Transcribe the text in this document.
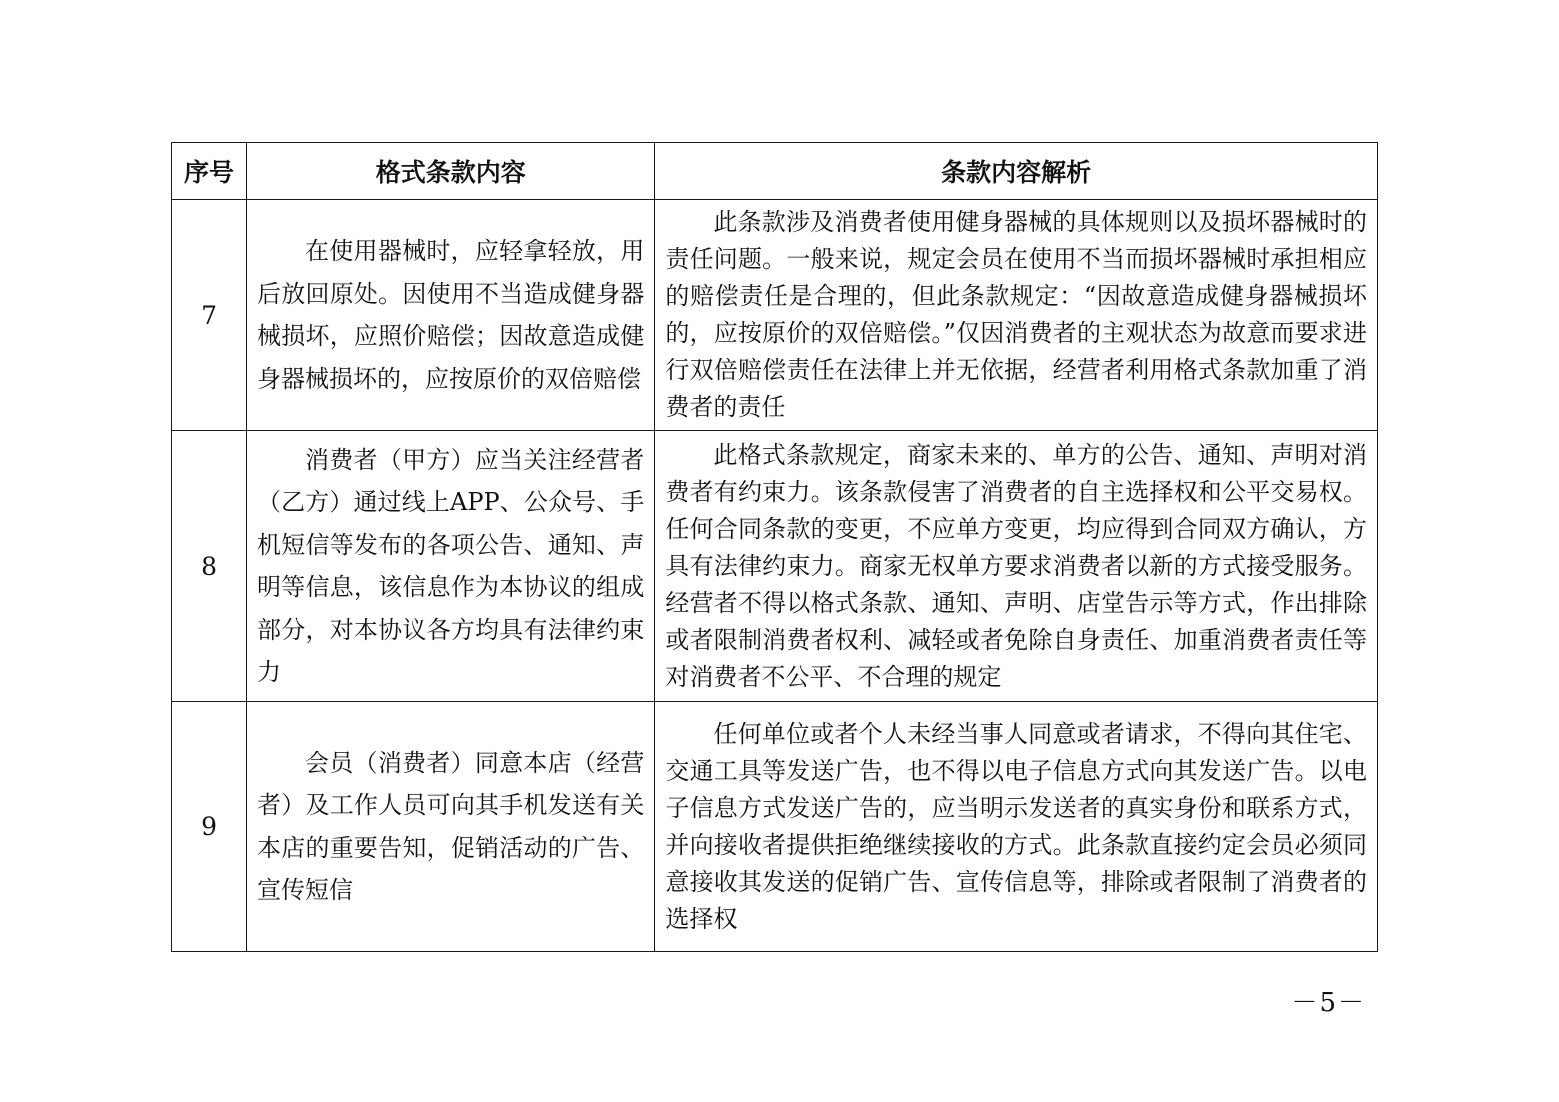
序号	格式条款内容	条款内容解析
7	在使用器械时，应轻拿轻放，用后放回原处。因使用不当造成健身器械损坏，应照价赔偿；因故意造成健身器械损坏的，应按原价的双倍赔偿	此条款涉及消费者使用健身器械的具体规则以及损坏器械时的责任问题。一般来说，规定会员在使用不当而损坏器械时承担相应的赔偿责任是合理的，但此条款规定：“因故意造成健身器械损坏的，应按原价的双倍赔偿。”仅因消费者的主观状态为故意而要求进行双倍赔偿责任在法律上并无依据，经营者利用格式条款加重了消费者的责任
8	消费者（甲方）应当关注经营者（乙方）通过线上APP、公众号、手机短信等发布的各项公告、通知、声明等信息，该信息作为本协议的组成部分，对本协议各方均具有法律约束力	此格式条款规定，商家未来的、单方的公告、通知、声明对消费者有约束力。该条款侵害了消费者的自主选择权和公平交易权。任何合同条款的变更，不应单方变更，均应得到合同双方确认，方具有法律约束力。商家无权单方要求消费者以新的方式接受服务。经营者不得以格式条款、通知、声明、店堂告示等方式，作出排除或者限制消费者权利、减轻或者免除自身责任、加重消费者责任等对消费者不公平、不合理的规定
9	会员（消费者）同意本店（经营者）及工作人员可向其手机发送有关本店的重要告知，促销活动的广告、宣传短信	任何单位或者个人未经当事人同意或者请求，不得向其住宅、交通工具等发送广告，也不得以电子信息方式向其发送广告。以电子信息方式发送广告的，应当明示发送者的真实身份和联系方式，并向接收者提供拒绝继续接收的方式。此条款直接约定会员必须同意接收其发送的促销广告、宣传信息等，排除或者限制了消费者的选择权
－5－
